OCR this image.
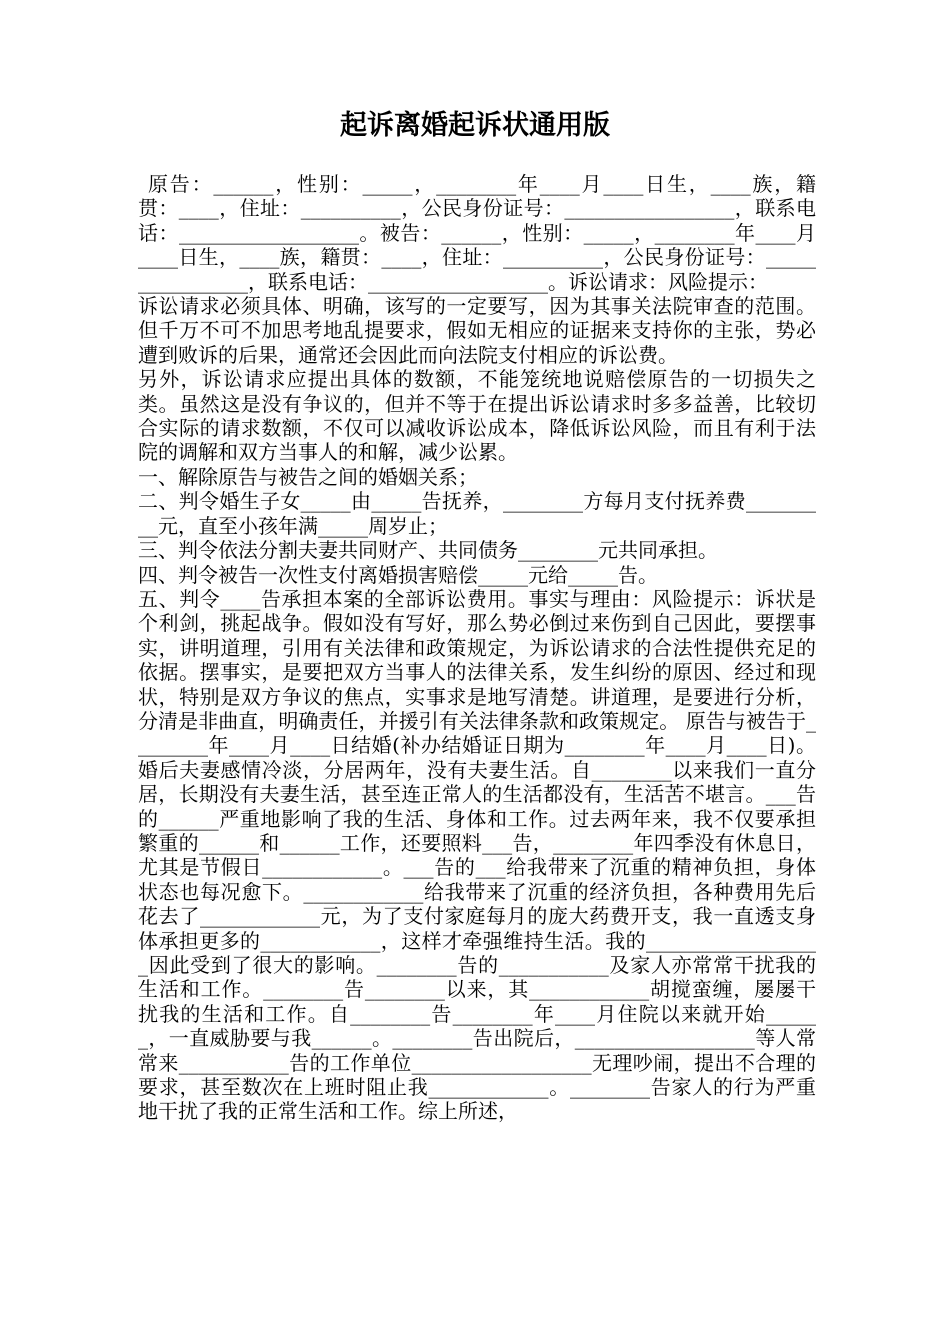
起诉离婚起诉状通用版

原告：______，性别：_____，________年____月____日生，____族，籍贯：____，住址：__________，公民身份证号：_________________，联系电话：__________________。被告：______，性别：_____，________年____月____日生，____族，籍贯：____，住址：__________，公民身份证号：________________，联系电话：__________________。诉讼请求：风险提示：

诉讼请求必须具体、明确，该写的一定要写，因为其事关法院审查的范围。但千万不可不加思考地乱提要求，假如无相应的证据来支持你的主张，势必遭到败诉的后果，通常还会因此而向法院支付相应的诉讼费。

另外，诉讼请求应提出具体的数额，不能笼统地说赔偿原告的一切损失之类。虽然这是没有争议的，但并不等于在提出诉讼请求时多多益善，比较切合实际的请求数额，不仅可以减收诉讼成本，降低诉讼风险，而且有利于法院的调解和双方当事人的和解，减少讼累。

一、解除原告与被告之间的婚姻关系；

二、判令婚生子女_____由_____告抚养，________方每月支付抚养费_________元，直至小孩年满_____周岁止；

三、判令依法分割夫妻共同财产、共同债务________元共同承担。

四、判令被告一次性支付离婚损害赔偿_____元给_____告。

五、判令____告承担本案的全部诉讼费用。事实与理由：风险提示：诉状是个利剑，挑起战争。假如没有写好，那么势必倒过来伤到自己因此，要摆事实，讲明道理，引用有关法律和政策规定，为诉讼请求的合法性提供充足的依据。摆事实，是要把双方当事人的法律关系，发生纠纷的原因、经过和现状，特别是双方争议的焦点，实事求是地写清楚。讲道理，是要进行分析，分清是非曲直，明确责任，并援引有关法律条款和政策规定。 原告与被告于________年____月____日结婚(补办结婚证日期为________年____月____日)。婚后夫妻感情冷淡，分居两年，没有夫妻生活。自________以来我们一直分居，长期没有夫妻生活，甚至连正常人的生活都没有，生活苦不堪言。___告的______严重地影响了我的生活、身体和工作。过去两年来，我不仅要承担繁重的______和______工作，还要照料___告，________年四季没有休息日，尤其是节假日____________。___告的___给我带来了沉重的精神负担，身体状态也每况愈下。____________给我带来了沉重的经济负担，各种费用先后花去了____________元，为了支付家庭每月的庞大药费开支，我一直透支身体承担更多的____________，这样才牵强维持生活。我的__________________因此受到了很大的影响。________告的___________及家人亦常常干扰我的生活和工作。________告________以来，其____________胡搅蛮缠，屡屡干扰我的生活和工作。自________告________年____月住院以来就开始______，一直威胁要与我______。________告出院后，__________________等人常常来___________告的工作单位__________________无理吵闹，提出不合理的要求，甚至数次在上班时阻止我____________。________告家人的行为严重地干扰了我的正常生活和工作。综上所述，
